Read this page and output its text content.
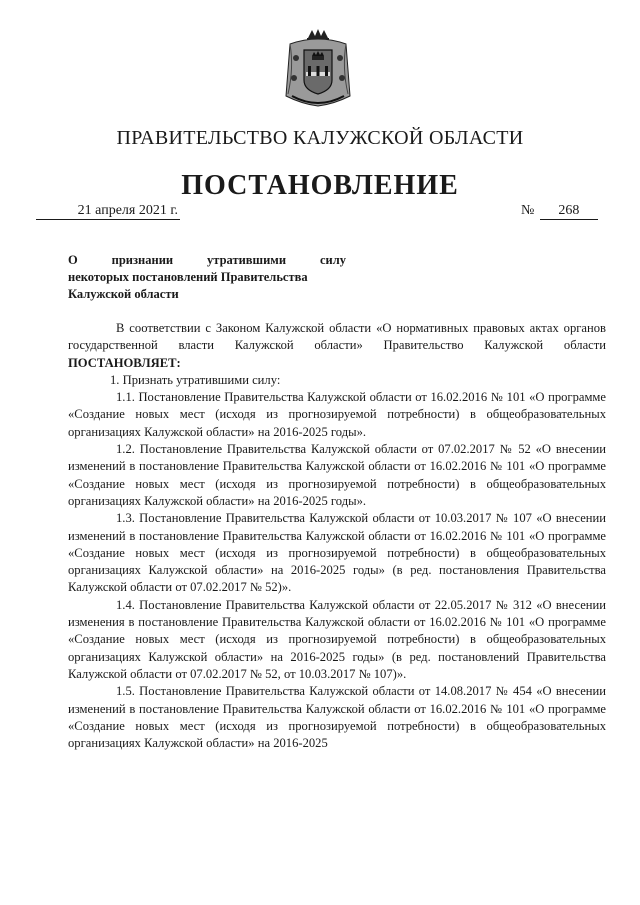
ПРАВИТЕЛЬСТВО КАЛУЖСКОЙ ОБЛАСТИ
ПОСТАНОВЛЕНИЕ
21 апреля 2021 г.	№ 268
О	признании	утратившими	силу
некоторых постановлений Правительства
Калужской области

В соответствии с Законом Калужской области «О нормативных правовых актах органов государственной власти Калужской области» Правительство Калужской области ПОСТАНОВЛЯЕТ:

1. Признать утратившими силу:

1.1. Постановление Правительства Калужской области от 16.02.2016 № 101 «О программе «Создание новых мест (исходя из прогнозируемой потребности) в общеобразовательных организациях Калужской области» на 2016-2025 годы».

1.2. Постановление Правительства Калужской области от 07.02.2017 № 52 «О внесении изменений в постановление Правительства Калужской области от 16.02.2016 № 101 «О программе «Создание новых мест (исходя из прогнозируемой потребности) в общеобразовательных организациях Калужской области» на 2016-2025 годы».

1.3. Постановление Правительства Калужской области от 10.03.2017 № 107 «О внесении изменений в постановление Правительства Калужской области от 16.02.2016 № 101 «О программе «Создание новых мест (исходя из прогнозируемой потребности) в общеобразовательных организациях Калужской области» на 2016-2025 годы» (в ред. постановления Правительства Калужской области от 07.02.2017 № 52)».

1.4. Постановление Правительства Калужской области от 22.05.2017 № 312 «О внесении изменения в постановление Правительства Калужской области от 16.02.2016 № 101 «О программе «Создание новых мест (исходя из прогнозируемой потребности) в общеобразовательных организациях Калужской области» на 2016-2025 годы» (в ред. постановлений Правительства Калужской области от 07.02.2017 № 52, от 10.03.2017 № 107)».

1.5. Постановление Правительства Калужской области от 14.08.2017 № 454 «О внесении изменений в постановление Правительства Калужской области от 16.02.2016 № 101 «О программе «Создание новых мест (исходя из прогнозируемой потребности) в общеобразовательных организациях Калужской области» на 2016-2025
